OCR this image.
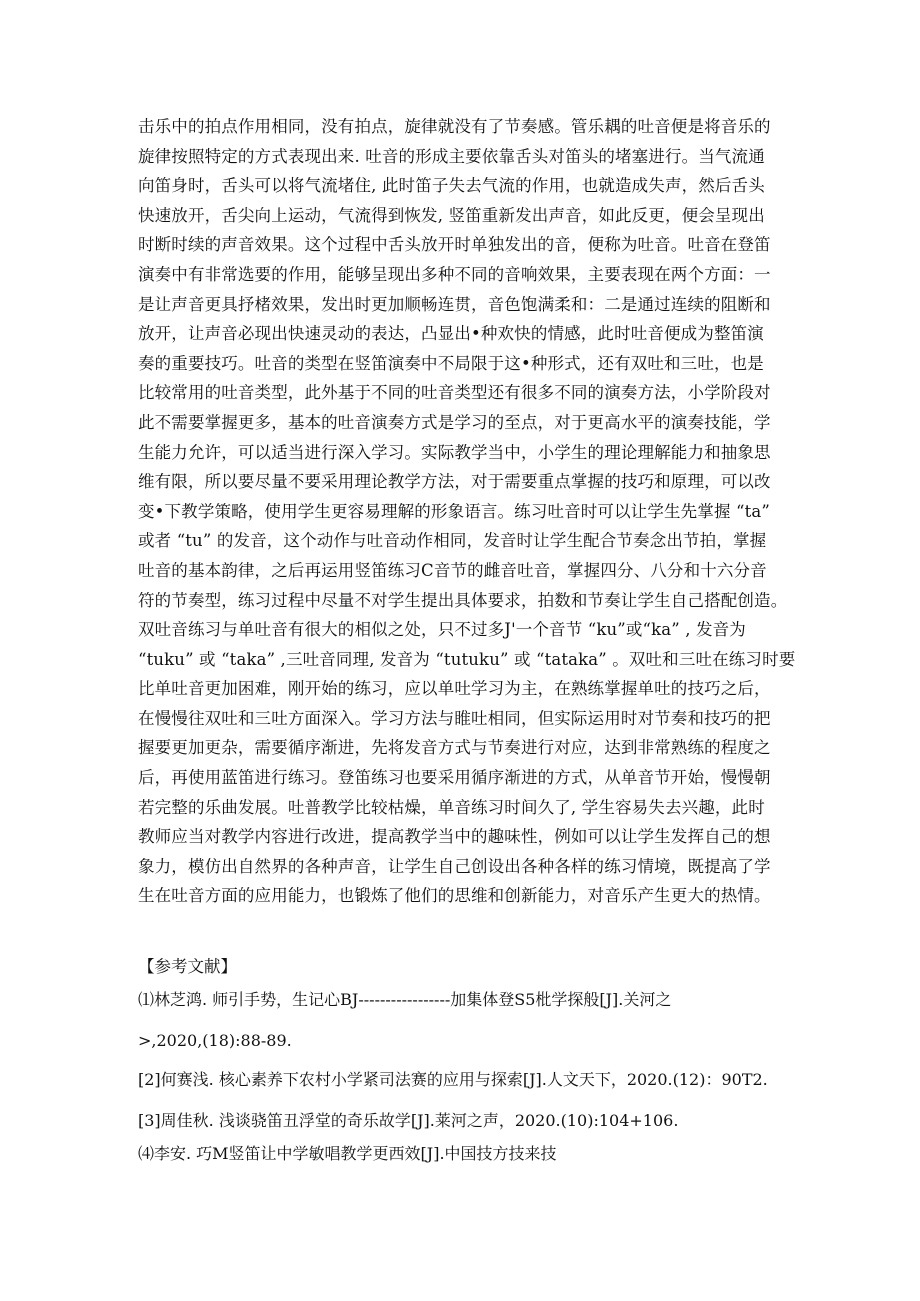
击乐中的拍点作用相同，没有拍点，旋律就没有了节奏感。管乐耦的吐音便是将音乐的
旋律按照特定的方式表现出来. 吐音的形成主要依靠舌头对笛头的堵塞进行。当气流通
向笛身时，舌头可以将气流堵住, 此时笛子失去气流的作用，也就造成失声，然后舌头
快速放开，舌尖向上运动，气流得到恢发, 竖笛重新发出声音，如此反更，便会呈现出
时断时续的声音效果。这个过程中舌头放开时单独发出的音，便称为吐音。吐音在登笛
演奏中有非常选要的作用，能够呈现出多种不同的音响效果，主要表现在两个方面：一
是让声音更具抒楮效果，发出时更加顺畅连贯，音色饱满柔和：二是通过连续的阻断和
放开，让声音必现出快速灵动的表达，凸显出•种欢快的情感，此时吐音便成为整笛演
奏的重要技巧。吐音的类型在竖笛演奏中不局限于这•种形式，还有双吐和三吐，也是
比较常用的吐音类型，此外基于不同的吐音类型还有很多不同的演奏方法，小学阶段对
此不需要掌握更多，基本的吐音演奏方式是学习的至点，对于更高水平的演奏技能，学
生能力允许，可以适当进行深入学习。实际教学当中，小学生的理论理解能力和抽象思
维有限，所以要尽量不要采用理论教学方法，对于需要重点掌握的技巧和原理，可以改
变•下教学策略，使用学生更容易理解的形象语言。练习吐音时可以让学生先掌握 “ta”
或者 “tu” 的发音，这个动作与吐音动作相同，发音时让学生配合节奏念出节拍，掌握
吐音的基本韵律，之后再运用竖笛练习C音节的雌音吐音，掌握四分、八分和十六分音
符的节奏型，练习过程中尽量不对学生提出具体要求，拍数和节奏让学生自己搭配创造。
双吐音练习与单吐音有很大的相似之处，只不过多J'一个音节 “ku”或“ka” , 发音为
“tuku” 或 “taka” ,三吐音同理, 发音为 “tutuku” 或 “tataka” 。双吐和三吐在练习时要
比单吐音更加困难，刚开始的练习，应以单吐学习为主，在熟练掌握单吐的技巧之后，
在慢慢往双吐和三吐方面深入。学习方法与睢吐相同，但实际运用时对节奏和技巧的把
握要更加更杂，需要循序渐进，先将发音方式与节奏进行对应，达到非常熟练的程度之
后，再使用蓝笛进行练习。登笛练习也要采用循序渐进的方式，从单音节开始，慢慢朝
若完整的乐曲发展。吐普教学比较枯燥，单音练习时间久了, 学生容易失去兴趣，此时
教师应当对教学内容进行改进，提高教学当中的趣味性，例如可以让学生发挥自己的想
象力，模仿出自然界的各种声音，让学生自己创设出各种各样的练习情境，既提高了学
生在吐音方面的应用能力，也锻炼了他们的思维和创新能力，对音乐产生更大的热情。
【参考文献】
⑴林芝鸿. 师引手势，生记心BJ-----------------加集体登S5枇学探般[J].关河之
>,2020,(18):88-89.
[2]何赛浅. 核心素养下农村小学紧司法赛的应用与探索[J].人文天下，2020.(12)：90T2.
[3]周佳秋. 浅谈骁笛丑浮堂的奇乐故学[J].莱河之声，2020.(10):104+106.
⑷李安. 巧M竖笛让中学敏唱教学更西效[J].中国技方技来技
